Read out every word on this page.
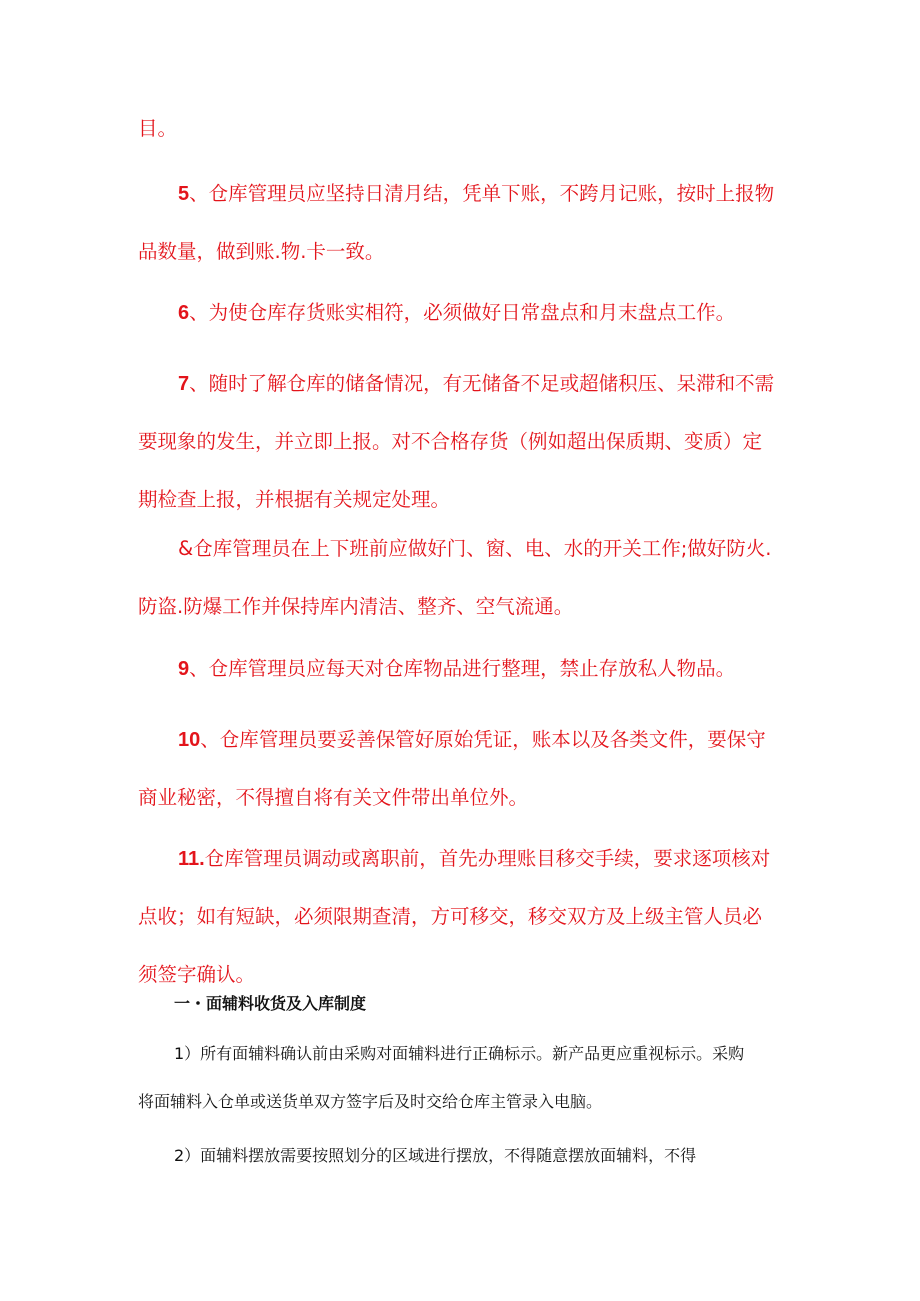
目。

5、仓库管理员应坚持日清月结，凭单下账，不跨月记账，按时上报物
品数量，做到账.物.卡一致。

6、为使仓库存货账实相符，必须做好日常盘点和月末盘点工作。

7、随时了解仓库的储备情况，有无储备不足或超储积压、呆滞和不需
要现象的发生，并立即上报。对不合格存货（例如超出保质期、变质）定
期检查上报，并根据有关规定处理。

&仓库管理员在上下班前应做好门、窗、电、水的开关工作;做好防火.
防盗.防爆工作并保持库内清洁、整齐、空气流通。

9、仓库管理员应每天对仓库物品进行整理，禁止存放私人物品。

10、仓库管理员要妥善保管好原始凭证，账本以及各类文件，要保守
商业秘密，不得擅自将有关文件带出单位外。

11.仓库管理员调动或离职前，首先办理账目移交手续，要求逐项核对
点收；如有短缺，必须限期查清，方可移交，移交双方及上级主管人员必
须签字确认。

一・面辅料收货及入库制度

1）所有面辅料确认前由采购对面辅料进行正确标示。新产品更应重视标示。采购
将面辅料入仓单或送货单双方签字后及时交给仓库主管录入电脑。

2）面辅料摆放需要按照划分的区域进行摆放，不得随意摆放面辅料，不得
